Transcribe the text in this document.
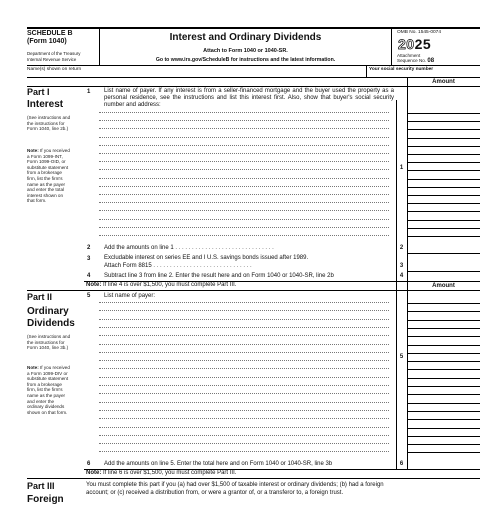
SCHEDULE B
(Form 1040)
Department of the Treasury
Internal Revenue Service
Interest and Ordinary Dividends
Attach to Form 1040 or 1040-SR.
Go to www.irs.gov/ScheduleB for instructions and the latest information.
OMB No. 1545-0074
2025
Attachment
Sequence No. 08
Name(s) shown on return	Your social security number
Amount
Part I
Interest
(See instructions and the instructions for Form 1040, line 2b.)
Note: If you received a Form 1099-INT, Form 1099-OID, or substitute statement from a brokerage firm, list the firm's name as the payer and enter the total interest shown on that form.
1 List name of payer. If any interest is from a seller-financed mortgage and the buyer used the property as a personal residence, see the instructions and list this interest first. Also, show that buyer's social security number and address:
1
2 Add the amounts on line 1 . . . . . . . . . . . . . . . . . . . . . . . . . . . . . .	2
3 Excludable interest on series EE and I U.S. savings bonds issued after 1989.
Attach Form 8815 . . . . . . . . . . . . . . . . . . . . . . . . . . . . . .	3
4 Subtract line 3 from line 2. Enter the result here and on Form 1040 or 1040-SR, line 2b	4
Note: If line 4 is over $1,500, you must complete Part III.	Amount
Part II
Ordinary
Dividends
(See instructions and the instructions for Form 1040, line 3b.)
Note: If you received a Form 1099-DIV or substitute statement from a brokerage firm, list the firm's name as the payer and enter the ordinary dividends shown on that form.
5 List name of payer:
5
6 Add the amounts on line 5. Enter the total here and on Form 1040 or 1040-SR, line 3b	6
Note: If line 6 is over $1,500, you must complete Part III.
Part III
Foreign
You must complete this part if you (a) had over $1,500 of taxable interest or ordinary dividends; (b) had a foreign
account; or (c) received a distribution from, or were a grantor of, or a transferor to, a foreign trust.
